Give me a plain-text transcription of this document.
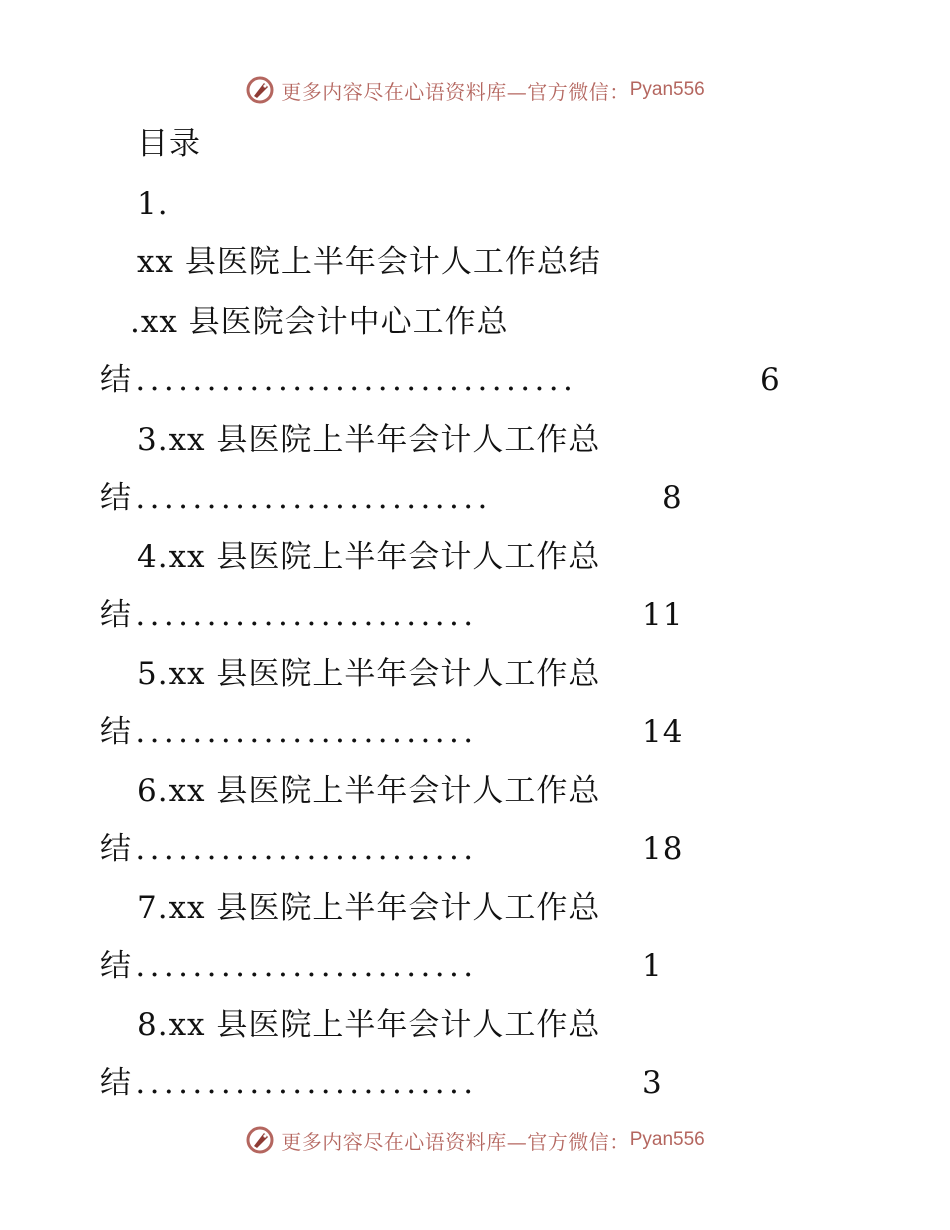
更多内容尽在心语资料库—官方微信： Pyan556
目录
1.
xx 县医院上半年会计人工作总结
.xx 县医院会计中心工作总
结...............................	6
3.xx 县医院上半年会计人工作总
结.........................	8
4.xx 县医院上半年会计人工作总
结........................	11
5.xx 县医院上半年会计人工作总
结........................	14
6.xx 县医院上半年会计人工作总
结........................	18
7.xx 县医院上半年会计人工作总
结........................	1
8.xx 县医院上半年会计人工作总
结........................	3
更多内容尽在心语资料库—官方微信： Pyan556
